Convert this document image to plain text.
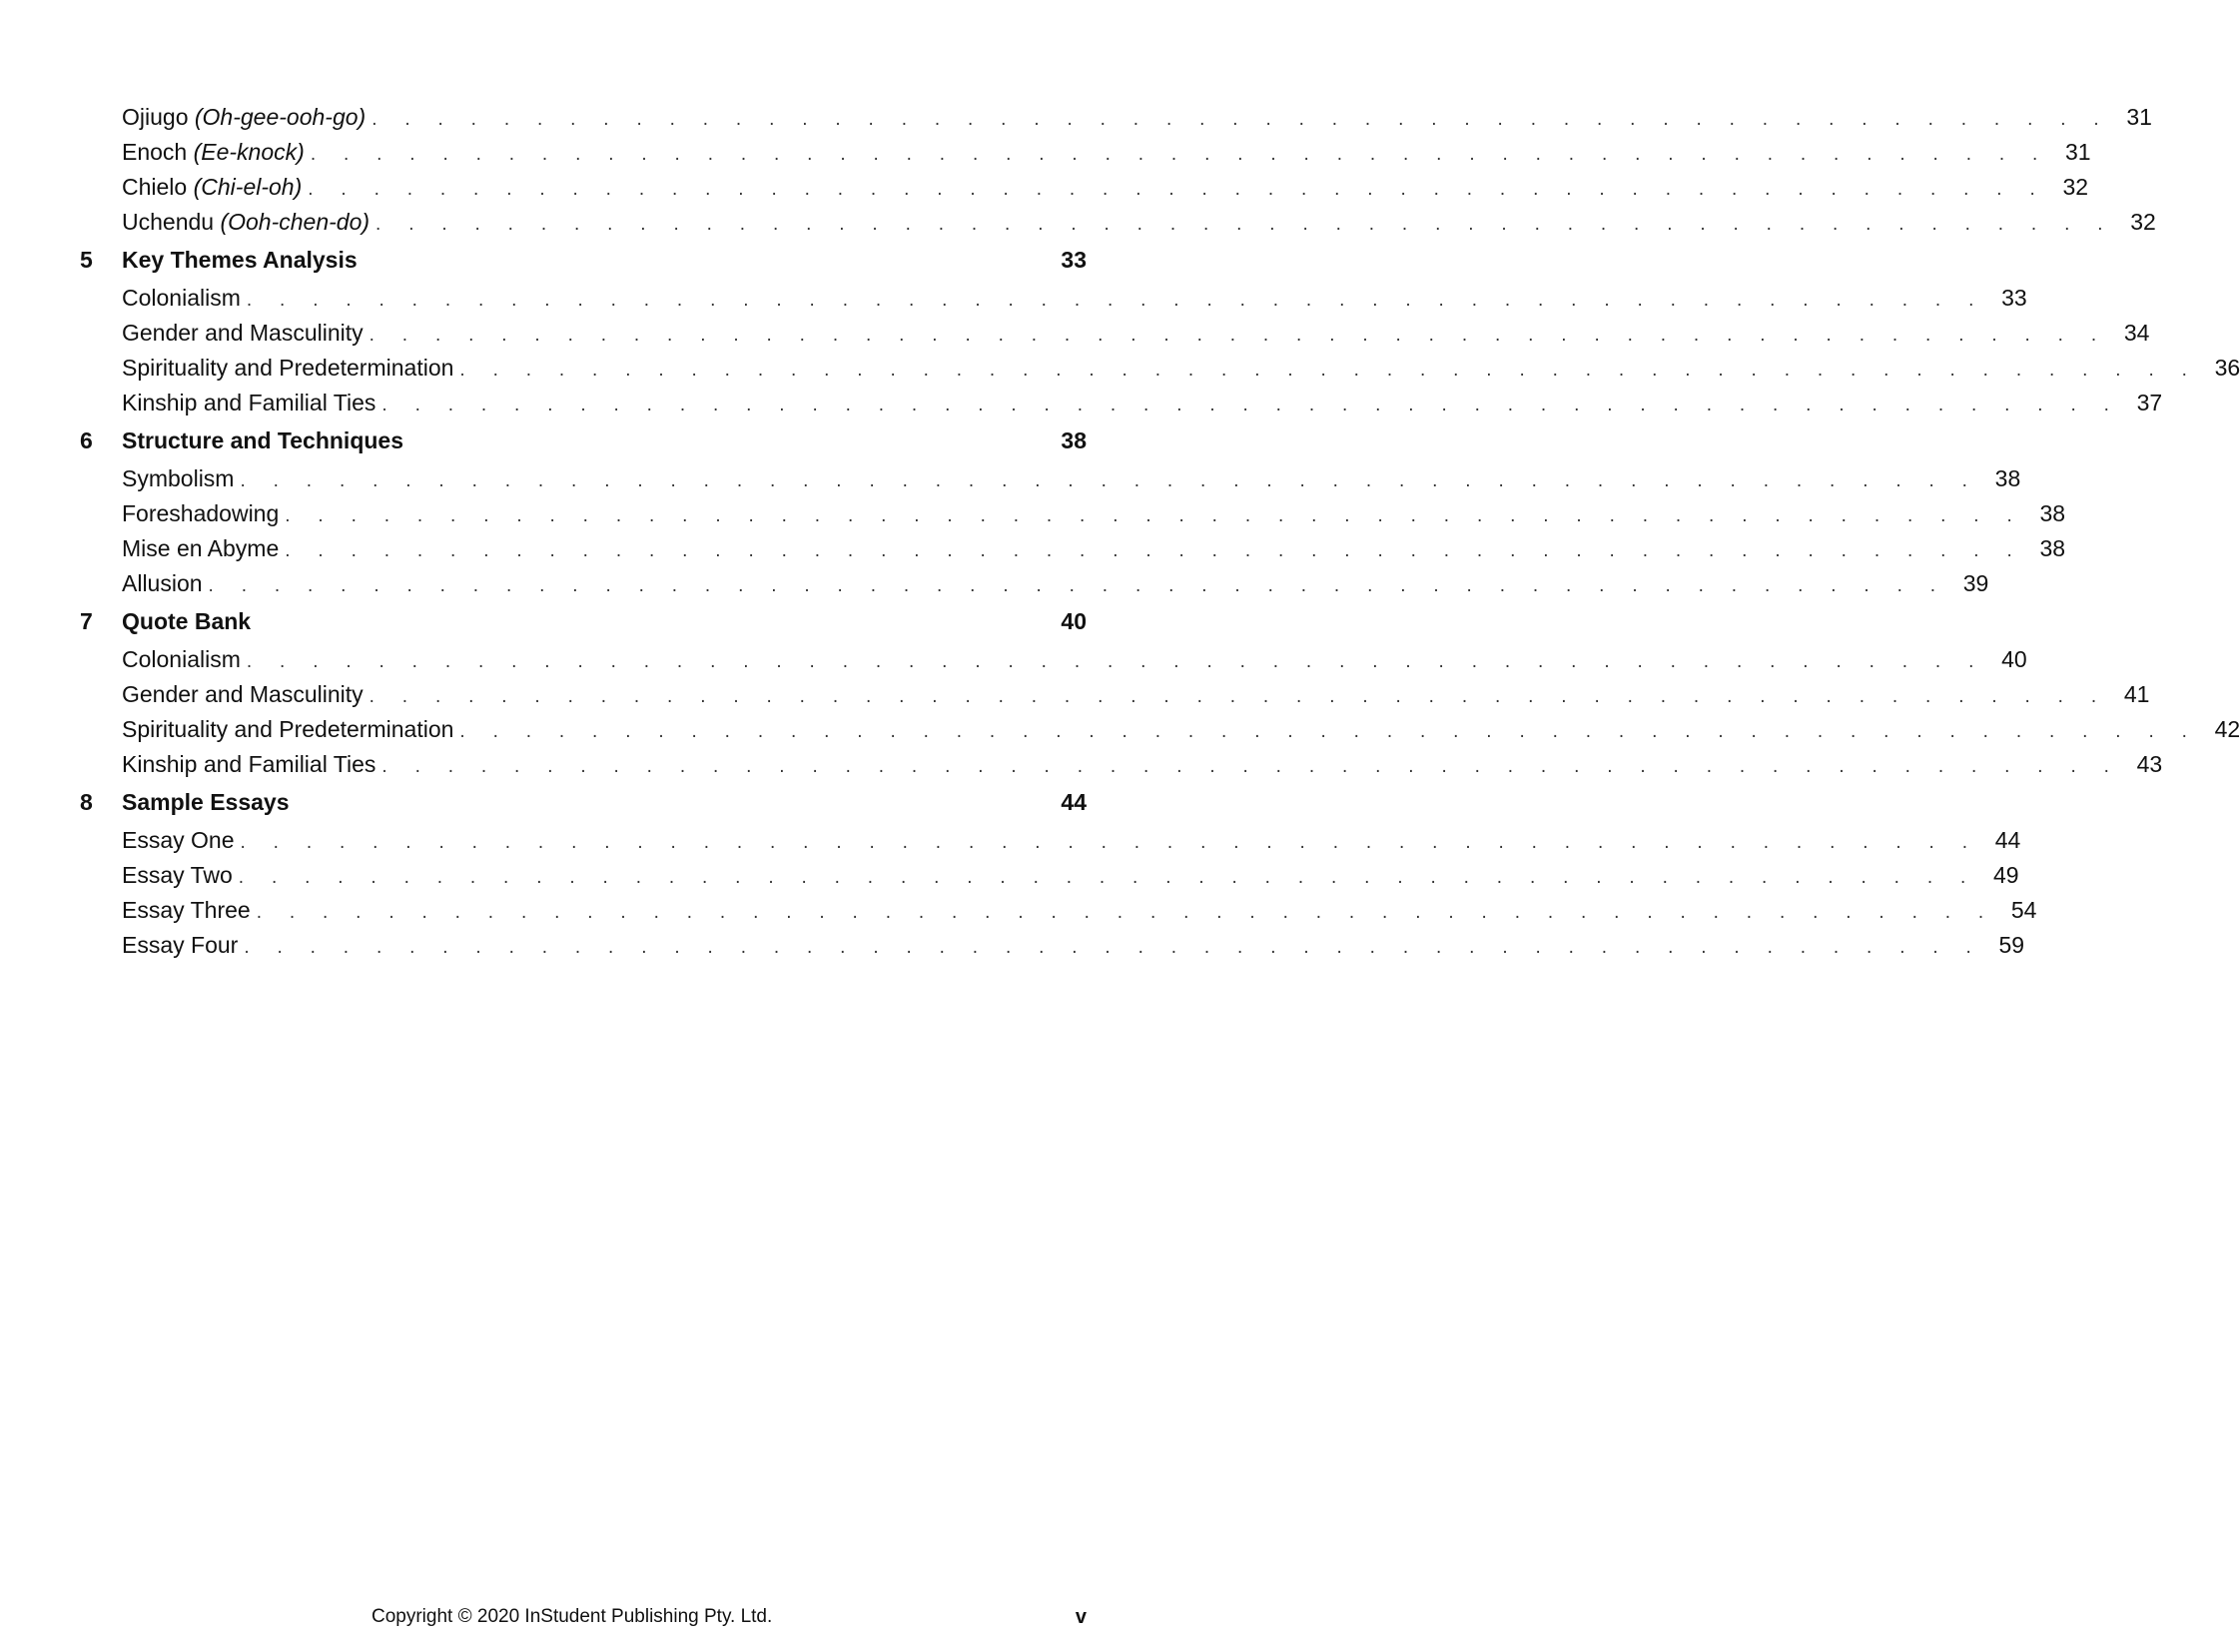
Ojiugo (Oh-gee-ooh-go) . . . . . . . . . . . . . . . . . . . . . . . . . . . . . . . . . . . . . . . . . . . . . . . . . . . . . 31
Enoch (Ee-knock) . . . . . . . . . . . . . . . . . . . . . . . . . . . . . . . . . . . . . . . . . . . . . . . . . . . . . 31
Chielo (Chi-el-oh) . . . . . . . . . . . . . . . . . . . . . . . . . . . . . . . . . . . . . . . . . . . . . . . . . . . . . 32
Uchendu (Ooh-chen-do) . . . . . . . . . . . . . . . . . . . . . . . . . . . . . . . . . . . . . . . . . . . . . . . . . . . . . 32
5 Key Themes Analysis	33
Colonialism . . . . . . . . . . . . . . . . . . . . . . . . . . . . . . . . . . . . . . . . . . . . . . . . . . . . . 33
Gender and Masculinity . . . . . . . . . . . . . . . . . . . . . . . . . . . . . . . . . . . . . . . . . . . . . . . . . . . . . 34
Spirituality and Predetermination . . . . . . . . . . . . . . . . . . . . . . . . . . . . . . . . . . . . . . . . . . . . . . . . . . . . . 36
Kinship and Familial Ties . . . . . . . . . . . . . . . . . . . . . . . . . . . . . . . . . . . . . . . . . . . . . . . . . . . . . 37
6 Structure and Techniques	38
Symbolism . . . . . . . . . . . . . . . . . . . . . . . . . . . . . . . . . . . . . . . . . . . . . . . . . . . . . 38
Foreshadowing . . . . . . . . . . . . . . . . . . . . . . . . . . . . . . . . . . . . . . . . . . . . . . . . . . . . . 38
Mise en Abyme . . . . . . . . . . . . . . . . . . . . . . . . . . . . . . . . . . . . . . . . . . . . . . . . . . . . . 38
Allusion . . . . . . . . . . . . . . . . . . . . . . . . . . . . . . . . . . . . . . . . . . . . . . . . . . . . . 39
7 Quote Bank	40
Colonialism . . . . . . . . . . . . . . . . . . . . . . . . . . . . . . . . . . . . . . . . . . . . . . . . . . . . . 40
Gender and Masculinity . . . . . . . . . . . . . . . . . . . . . . . . . . . . . . . . . . . . . . . . . . . . . . . . . . . . . 41
Spirituality and Predetermination . . . . . . . . . . . . . . . . . . . . . . . . . . . . . . . . . . . . . . . . . . . . . . . . . . . . . 42
Kinship and Familial Ties . . . . . . . . . . . . . . . . . . . . . . . . . . . . . . . . . . . . . . . . . . . . . . . . . . . . . 43
8 Sample Essays	44
Essay One . . . . . . . . . . . . . . . . . . . . . . . . . . . . . . . . . . . . . . . . . . . . . . . . . . . . . 44
Essay Two . . . . . . . . . . . . . . . . . . . . . . . . . . . . . . . . . . . . . . . . . . . . . . . . . . . . . 49
Essay Three . . . . . . . . . . . . . . . . . . . . . . . . . . . . . . . . . . . . . . . . . . . . . . . . . . . . . 54
Essay Four . . . . . . . . . . . . . . . . . . . . . . . . . . . . . . . . . . . . . . . . . . . . . . . . . . . . . 59
Copyright © 2020 InStudent Publishing Pty. Ltd.	v
